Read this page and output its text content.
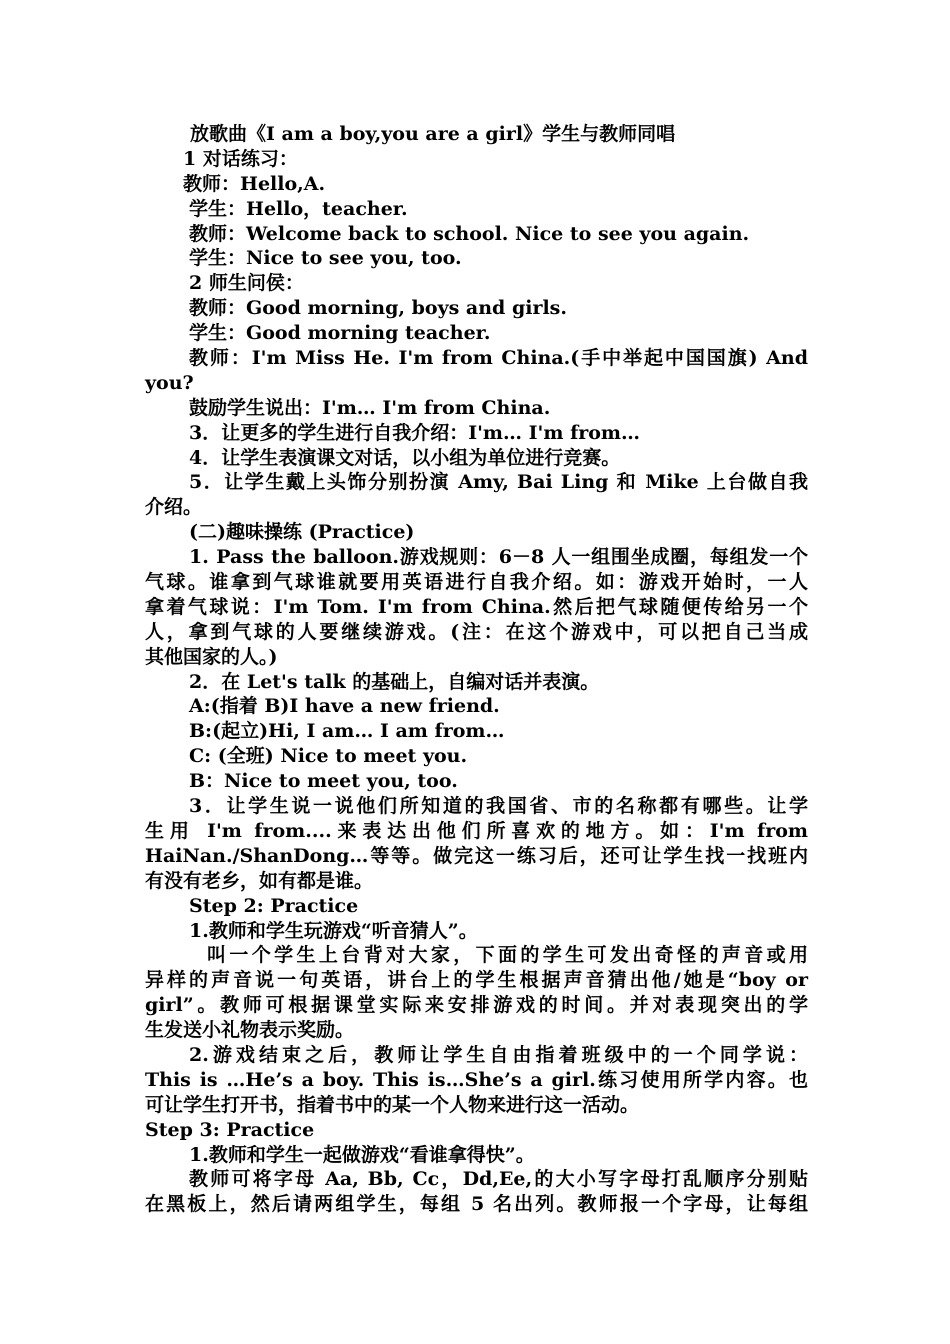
放歌曲《I am a boy,you are a girl》学生与教师同唱
1 对话练习：
教师：Hello,A.
学生：Hello，teacher.
教师：Welcome back to school. Nice to see you again.
学生：Nice to see you, too.
2 师生问侯：
教师：Good morning, boys and girls.
学生：Good morning teacher.
教师：I'm Miss He. I'm from China.(手中举起中国国旗) And
you?
鼓励学生说出：I'm… I'm from China.
3．让更多的学生进行自我介绍：I'm… I'm from…
4．让学生表演课文对话，以小组为单位进行竞赛。
5．让学生戴上头饰分别扮演 Amy, Bai Ling 和 Mike 上台做自我
介绍。
(二)趣味操练 (Practice)
1. Pass the balloon.游戏规则：6－8 人一组围坐成圈，每组发一个
气球。谁拿到气球谁就要用英语进行自我介绍。如：游戏开始时，一人
拿着气球说：I'm Tom. I'm from China.然后把气球随便传给另一个
人，拿到气球的人要继续游戏。(注：在这个游戏中，可以把自己当成
其他国家的人。)
2．在 Let's talk 的基础上，自编对话并表演。
A:(指着 B)I have a new friend.
B:(起立)Hi, I am… I am from…
C: (全班) Nice to meet you.
B：Nice to meet you, too.
3．让学生说一说他们所知道的我国省、市的名称都有哪些。让学
生用 I'm from....来表达出他们所喜欢的地方。如：I'm from
HaiNan./ShanDong…等等。做完这一练习后，还可让学生找一找班内
有没有老乡，如有都是谁。
Step 2: Practice
1.教师和学生玩游戏“听音猜人”。
叫一个学生上台背对大家，下面的学生可发出奇怪的声音或用
异样的声音说一句英语，讲台上的学生根据声音猜出他/她是“boy or
girl”。教师可根据课堂实际来安排游戏的时间。并对表现突出的学
生发送小礼物表示奖励。
2.游戏结束之后，教师让学生自由指着班级中的一个同学说：
This is …He’s a boy. This is…She’s a girl.练习使用所学内容。也
可让学生打开书，指着书中的某一个人物来进行这一活动。
Step 3: Practice
1.教师和学生一起做游戏“看谁拿得快”。
教师可将字母 Aa, Bb, Cc，Dd,Ee,的大小写字母打乱顺序分别贴
在黑板上，然后请两组学生，每组 5 名出列。教师报一个字母，让每组
